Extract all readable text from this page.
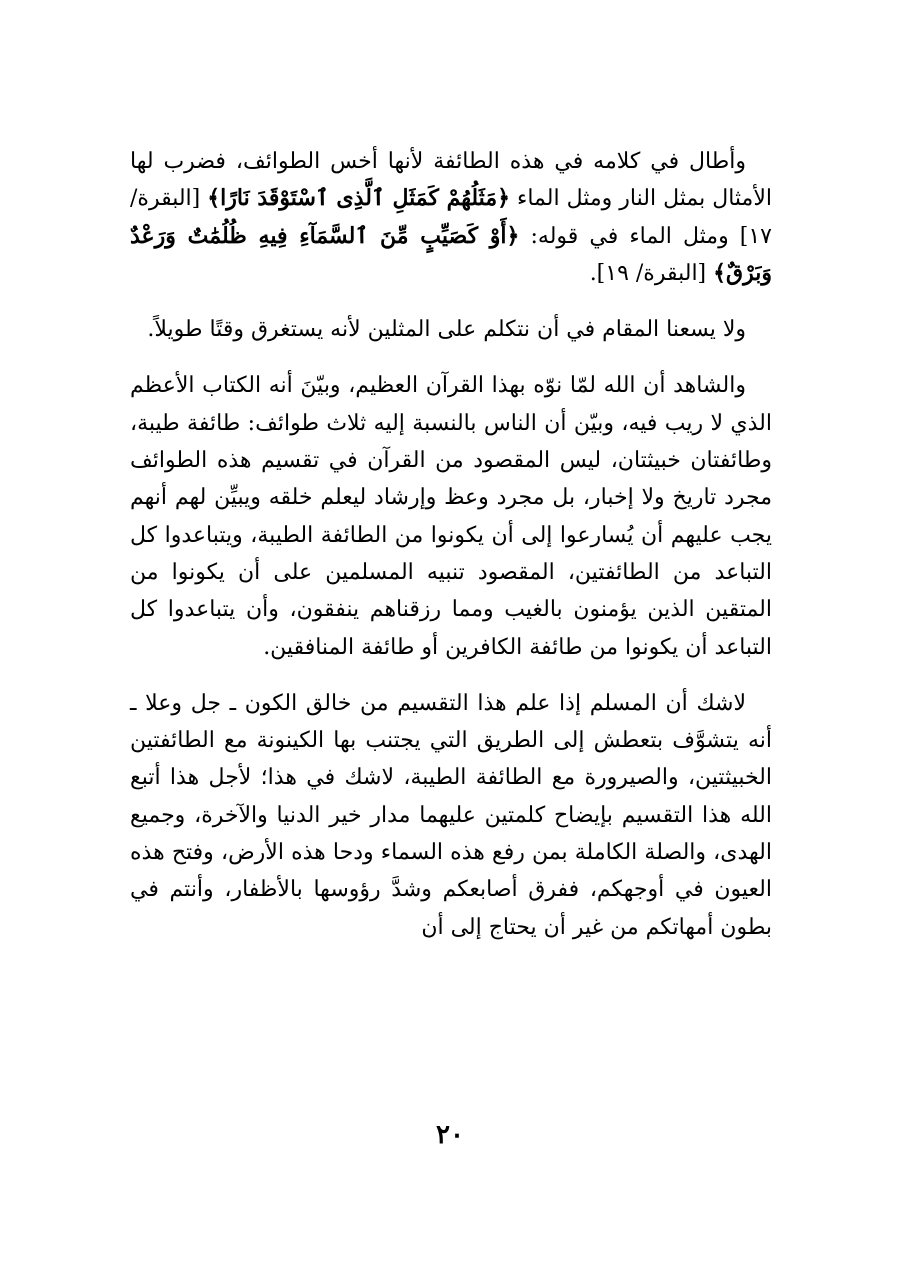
وأطال في كلامه في هذه الطائفة لأنها أخس الطوائف، فضرب لها الأمثال بمثل النار ومثل الماء ﴿مَثَلُهُمْ كَمَثَلِ ٱلَّذِى ٱسْتَوْقَدَ نَارًا﴾ [البقرة/ ١٧] ومثل الماء في قوله: ﴿أَوْ كَصَيِّبٍ مِّنَ ٱلسَّمَآءِ فِيهِ ظُلُمَٰتٌ وَرَعْدٌ وَبَرْقٌ﴾ [البقرة/ ١٩].

ولا يسعنا المقام في أن نتكلم على المثلين لأنه يستغرق وقتًا طويلاً.

والشاهد أن الله لمّا نوّه بهذا القرآن العظيم، وبيّنَ أنه الكتاب الأعظم الذي لا ريب فيه، وبيّن أن الناس بالنسبة إليه ثلاث طوائف: طائفة طيبة، وطائفتان خبيثتان، ليس المقصود من القرآن في تقسيم هذه الطوائف مجرد تاريخ ولا إخبار، بل مجرد وعظ وإرشاد ليعلم خلقه ويبيِّن لهم أنهم يجب عليهم أن يُسارعوا إلى أن يكونوا من الطائفة الطيبة، ويتباعدوا كل التباعد من الطائفتين، المقصود تنبيه المسلمين على أن يكونوا من المتقين الذين يؤمنون بالغيب ومما رزقناهم ينفقون، وأن يتباعدوا كل التباعد أن يكونوا من طائفة الكافرين أو طائفة المنافقين.

لاشك أن المسلم إذا علم هذا التقسيم من خالق الكون ـ جل وعلا ـ أنه يتشوَّف بتعطش إلى الطريق التي يجتنب بها الكينونة مع الطائفتين الخبيثتين، والصيرورة مع الطائفة الطيبة، لاشك في هذا؛ لأجل هذا أتبع الله هذا التقسيم بإيضاح كلمتين عليهما مدار خير الدنيا والآخرة، وجميع الهدى، والصلة الكاملة بمن رفع هذه السماء ودحا هذه الأرض، وفتح هذه العيون في أوجهكم، ففرق أصابعكم وشدَّ رؤوسها بالأظفار، وأنتم في بطون أمهاتكم من غير أن يحتاج إلى أن

٢٠
